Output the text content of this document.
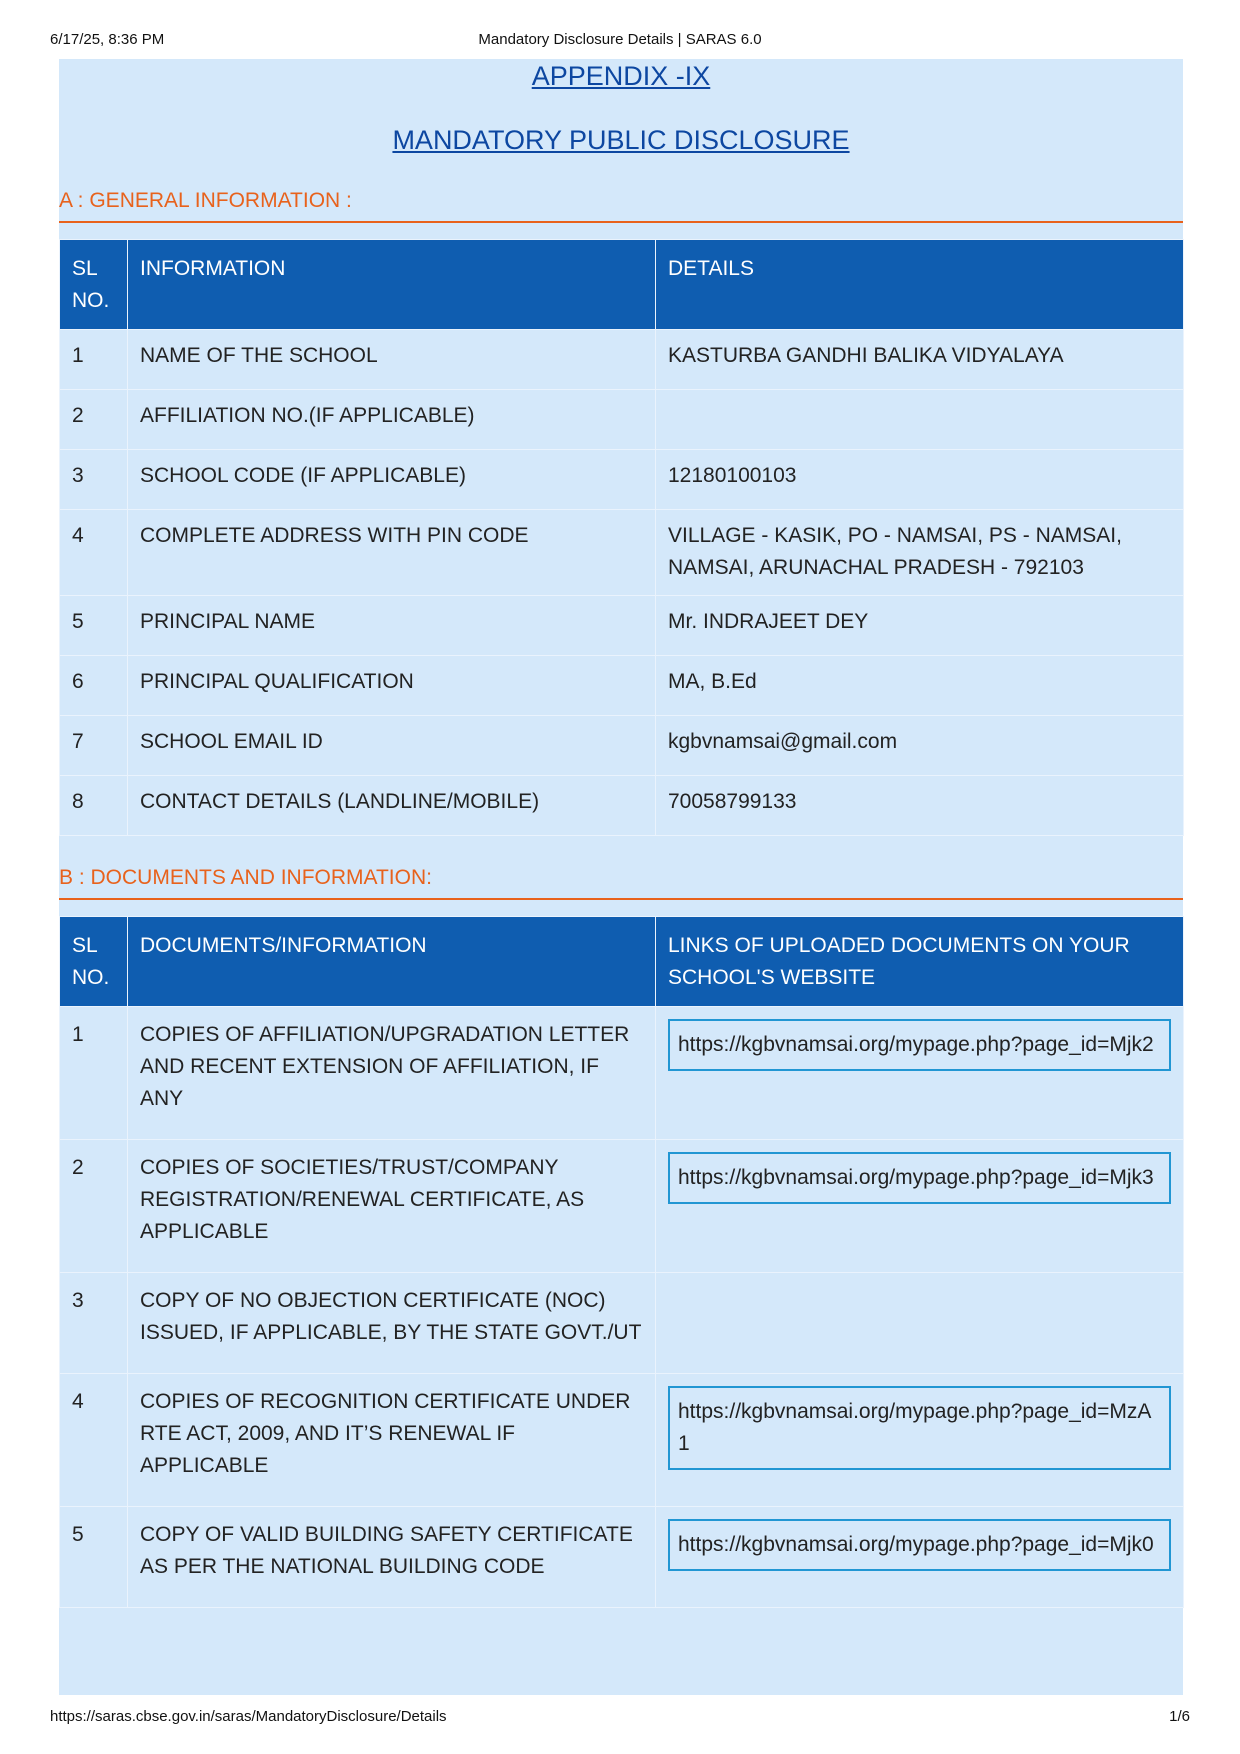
6/17/25, 8:36 PM	Mandatory Disclosure Details | SARAS 6.0
APPENDIX -IX
MANDATORY PUBLIC DISCLOSURE
A : GENERAL INFORMATION :
SL NO.	INFORMATION	DETAILS
1	NAME OF THE SCHOOL	KASTURBA GANDHI BALIKA VIDYALAYA
2	AFFILIATION NO.(IF APPLICABLE)	
3	SCHOOL CODE (IF APPLICABLE)	12180100103
4	COMPLETE ADDRESS WITH PIN CODE	VILLAGE - KASIK, PO - NAMSAI, PS - NAMSAI, NAMSAI, ARUNACHAL PRADESH - 792103
5	PRINCIPAL NAME	Mr. INDRAJEET DEY
6	PRINCIPAL QUALIFICATION	MA, B.Ed
7	SCHOOL EMAIL ID	kgbvnamsai@gmail.com
8	CONTACT DETAILS (LANDLINE/MOBILE)	70058799133
B : DOCUMENTS AND INFORMATION:
SL NO.	DOCUMENTS/INFORMATION	LINKS OF UPLOADED DOCUMENTS ON YOUR SCHOOL'S WEBSITE
1	COPIES OF AFFILIATION/UPGRADATION LETTER AND RECENT EXTENSION OF AFFILIATION, IF ANY	https://kgbvnamsai.org/mypage.php?page_id=Mjk2

2	COPIES OF SOCIETIES/TRUST/COMPANY REGISTRATION/RENEWAL CERTIFICATE, AS APPLICABLE	https://kgbvnamsai.org/mypage.php?page_id=Mjk3

3	COPY OF NO OBJECTION CERTIFICATE (NOC) ISSUED, IF APPLICABLE, BY THE STATE GOVT./UT	
4	COPIES OF RECOGNITION CERTIFICATE UNDER RTE ACT, 2009, AND IT’S RENEWAL IF APPLICABLE	https://kgbvnamsai.org/mypage.php?page_id=MzA1

5	COPY OF VALID BUILDING SAFETY CERTIFICATE AS PER THE NATIONAL BUILDING CODE	https://kgbvnamsai.org/mypage.php?page_id=Mjk0
https://saras.cbse.gov.in/saras/MandatoryDisclosure/Details	1/6
